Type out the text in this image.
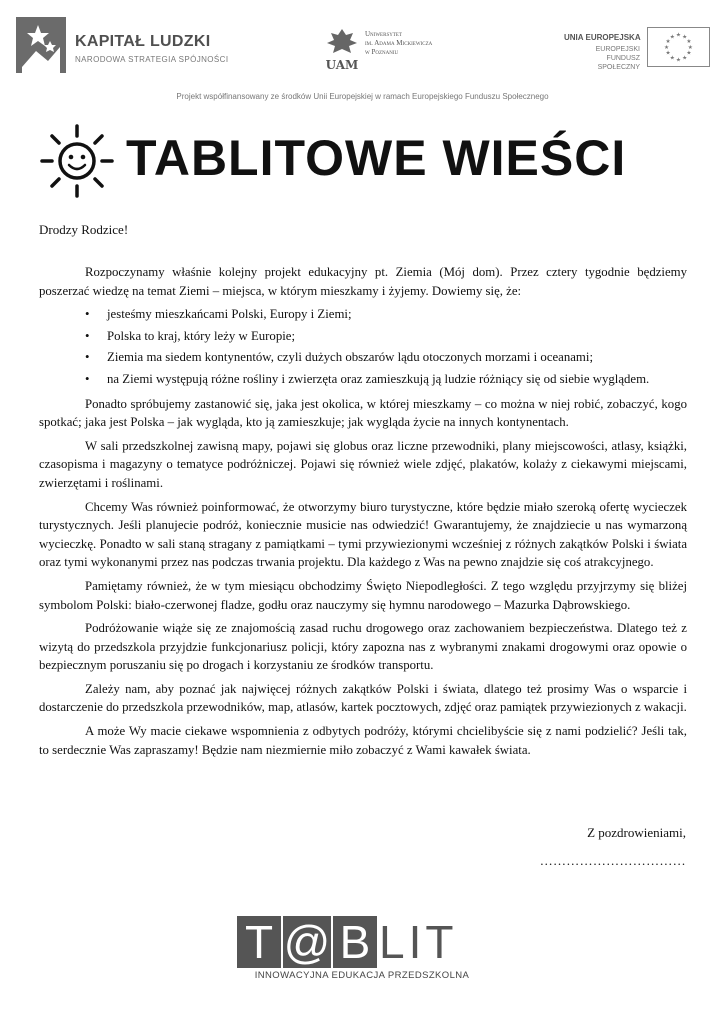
KAPITAŁ LUDZKI
NARODOWA STRATEGIA SPÓJNOŚCI	UAM
Uniwersytet
im. Adama Mickiewicza
w Poznaniu
UNIA EUROPEJSKA
EUROPEJSKI
FUNDUSZ SPOŁECZNY
★ ★
★
★
★
★
★
★
★
★
★
★
Projekt współfinansowany ze środków Unii Europejskiej w ramach Europejskiego Funduszu Społecznego
TABLITOWE WIEŚCI
Drodzy Rodzice!

Rozpoczynamy właśnie kolejny projekt edukacyjny pt. Ziemia (Mój dom). Przez cztery tygodnie będziemy poszerzać wiedzę na temat Ziemi – miejsca, w którym mieszkamy i żyjemy. Dowiemy się, że:

• jesteśmy mieszkańcami Polski, Europy i Ziemi;
• Polska to kraj, który leży w Europie;
• Ziemia ma siedem kontynentów, czyli dużych obszarów lądu otoczonych morzami i oceanami;
• na Ziemi występują różne rośliny i zwierzęta oraz zamieszkują ją ludzie różniący się od siebie wyglądem.

Ponadto spróbujemy zastanowić się, jaka jest okolica, w której mieszkamy – co można w niej robić, zobaczyć, kogo spotkać; jaka jest Polska – jak wygląda, kto ją zamieszkuje; jak wygląda życie na innych kontynentach.

W sali przedszkolnej zawisną mapy, pojawi się globus oraz liczne przewodniki, plany miejscowości, atlasy, książki, czasopisma i magazyny o tematyce podróżniczej. Pojawi się również wiele zdjęć, plakatów, kolaży z ciekawymi miejscami, zwierzętami i roślinami.

Chcemy Was również poinformować, że otworzymy biuro turystyczne, które będzie miało szeroką ofertę wycieczek turystycznych. Jeśli planujecie podróż, koniecznie musicie nas odwiedzić! Gwarantujemy, że znajdziecie u nas wymarzoną wycieczkę. Ponadto w sali staną stragany z pamiątkami – tymi przywiezionymi wcześniej z różnych zakątków Polski i świata oraz tymi wykonanymi przez nas podczas trwania projektu. Dla każdego z Was na pewno znajdzie się coś atrakcyjnego.

Pamiętamy również, że w tym miesiącu obchodzimy Święto Niepodległości. Z tego względu przyjrzymy się bliżej symbolom Polski: biało-czerwonej fladze, godłu oraz nauczymy się hymnu narodowego – Mazurka Dąbrowskiego.

Podróżowanie wiąże się ze znajomością zasad ruchu drogowego oraz zachowaniem bezpieczeństwa. Dlatego też z wizytą do przedszkola przyjdzie funkcjonariusz policji, który zapozna nas z wybranymi znakami drogowymi oraz opowie o bezpiecznym poruszaniu się po drogach i korzystaniu ze środków transportu.

Zależy nam, aby poznać jak najwięcej różnych zakątków Polski i świata, dlatego też prosimy Was o wsparcie i dostarczenie do przedszkola przewodników, map, atlasów, kartek pocztowych, zdjęć oraz pamiątek przywiezionych z wakacji.

A może Wy macie ciekawe wspomnienia z odbytych podróży, którymi chcielibyście się z nami podzielić? Jeśli tak, to serdecznie Was zapraszamy! Będzie nam niezmiernie miło zobaczyć z Wami kawałek świata.

Z pozdrowieniami,
……………………………
T @ B LIT
INNOWACYJNA EDUKACJA PRZEDSZKOLNA
